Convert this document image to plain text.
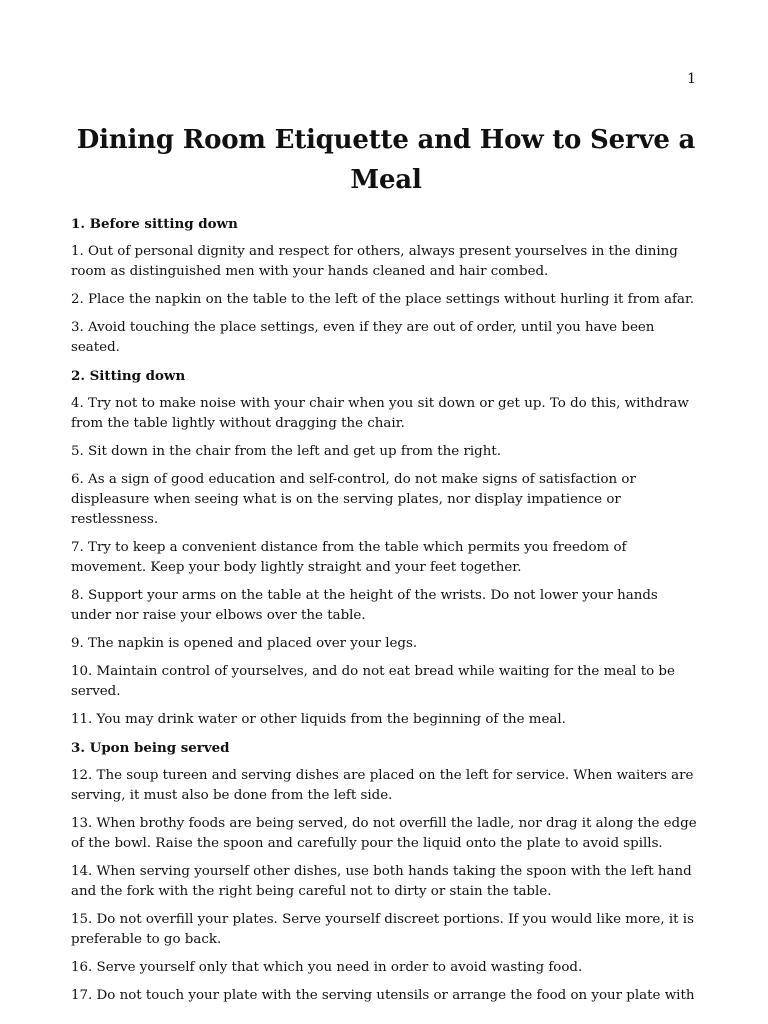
1
Dining Room Etiquette and How to Serve a Meal

1. Before sitting down

1. Out of personal dignity and respect for others, always present yourselves in the dining room as distinguished men with your hands cleaned and hair combed.

2. Place the napkin on the table to the left of the place settings without hurling it from afar.

3. Avoid touching the place settings, even if they are out of order, until you have been seated.

2. Sitting down

4. Try not to make noise with your chair when you sit down or get up. To do this, withdraw from the table lightly without dragging the chair.

5. Sit down in the chair from the left and get up from the right.

6. As a sign of good education and self-control, do not make signs of satisfaction or displeasure when seeing what is on the serving plates, nor display impatience or restlessness.

7. Try to keep a convenient distance from the table which permits you freedom of movement. Keep your body lightly straight and your feet together.

8. Support your arms on the table at the height of the wrists. Do not lower your hands under nor raise your elbows over the table.

9. The napkin is opened and placed over your legs.

10. Maintain control of yourselves, and do not eat bread while waiting for the meal to be served.

11. You may drink water or other liquids from the beginning of the meal.

3. Upon being served

12. The soup tureen and serving dishes are placed on the left for service. When waiters are serving, it must also be done from the left side.

13. When brothy foods are being served, do not overfill the ladle, nor drag it along the edge of the bowl. Raise the spoon and carefully pour the liquid onto the plate to avoid spills.

14. When serving yourself other dishes, use both hands taking the spoon with the left hand and the fork with the right being careful not to dirty or stain the table.

15. Do not overfill your plates. Serve yourself discreet portions. If you would like more, it is preferable to go back.

16. Serve yourself only that which you need in order to avoid wasting food.

17. Do not touch your plate with the serving utensils or arrange the food on your plate with
